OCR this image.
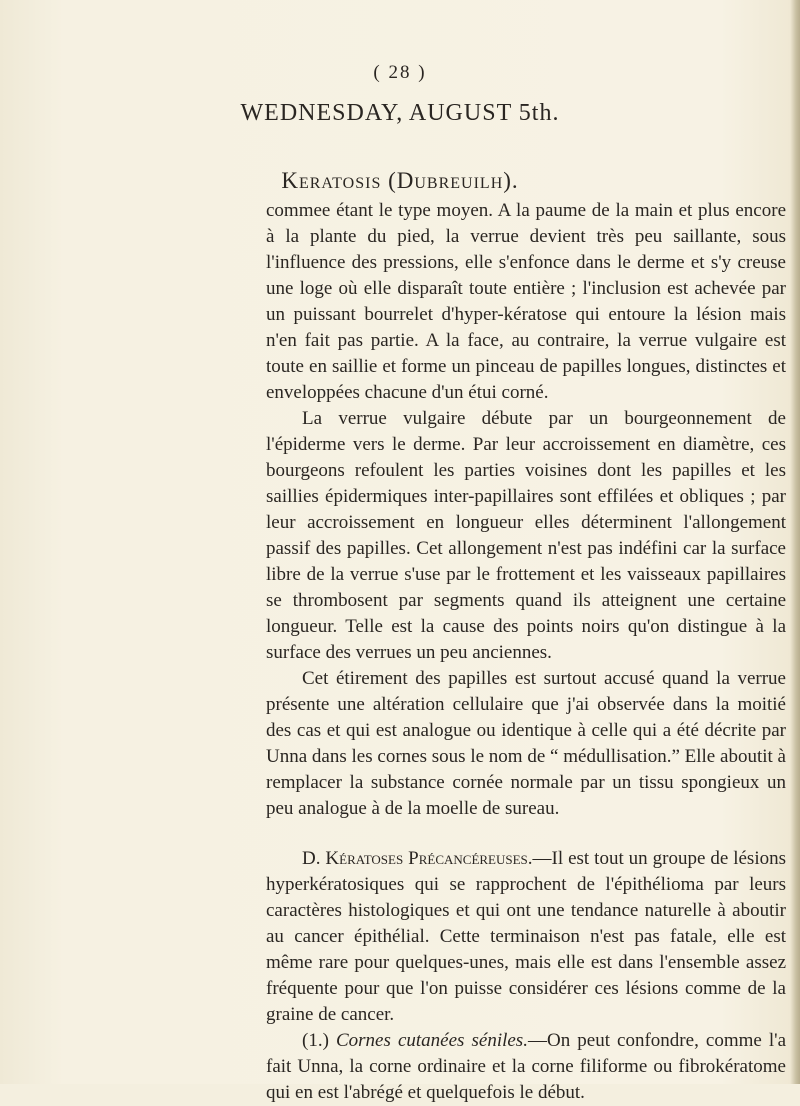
( 28 )
WEDNESDAY, AUGUST 5th.
Keratosis (Dubreuilh).

commee étant le type moyen. A la paume de la main et plus encore à la plante du pied, la verrue devient très peu saillante, sous l'influence des pressions, elle s'enfonce dans le derme et s'y creuse une loge où elle disparaît toute entière ; l'inclusion est achevée par un puissant bourrelet d'hyper-kératose qui entoure la lésion mais n'en fait pas partie. A la face, au contraire, la verrue vulgaire est toute en saillie et forme un pinceau de papilles longues, distinctes et enveloppées chacune d'un étui corné.

La verrue vulgaire débute par un bourgeonnement de l'épiderme vers le derme. Par leur accroissement en diamètre, ces bourgeons refoulent les parties voisines dont les papilles et les saillies épidermiques inter-papillaires sont effilées et obliques ; par leur accroissement en longueur elles déterminent l'allongement passif des papilles. Cet allongement n'est pas indéfini car la surface libre de la verrue s'use par le frottement et les vaisseaux papillaires se thrombosent par segments quand ils atteignent une certaine longueur. Telle est la cause des points noirs qu'on distingue à la surface des verrues un peu anciennes.

Cet étirement des papilles est surtout accusé quand la verrue présente une altération cellulaire que j'ai observée dans la moitié des cas et qui est analogue ou identique à celle qui a été décrite par Unna dans les cornes sous le nom de “ médullisation.” Elle aboutit à remplacer la substance cornée normale par un tissu spongieux un peu analogue à de la moelle de sureau.

D. Kératoses Précancéreuses.—Il est tout un groupe de lésions hyperkératosiques qui se rapprochent de l'épithélioma par leurs caractères histologiques et qui ont une tendance naturelle à aboutir au cancer épithélial. Cette terminaison n'est pas fatale, elle est même rare pour quelques-unes, mais elle est dans l'ensemble assez fréquente pour que l'on puisse considérer ces lésions comme de la graine de cancer.

(1.) Cornes cutanées séniles.—On peut confondre, comme l'a fait Unna, la corne ordinaire et la corne filiforme ou fibrokératome qui en est l'abrégé et quelquefois le début.
